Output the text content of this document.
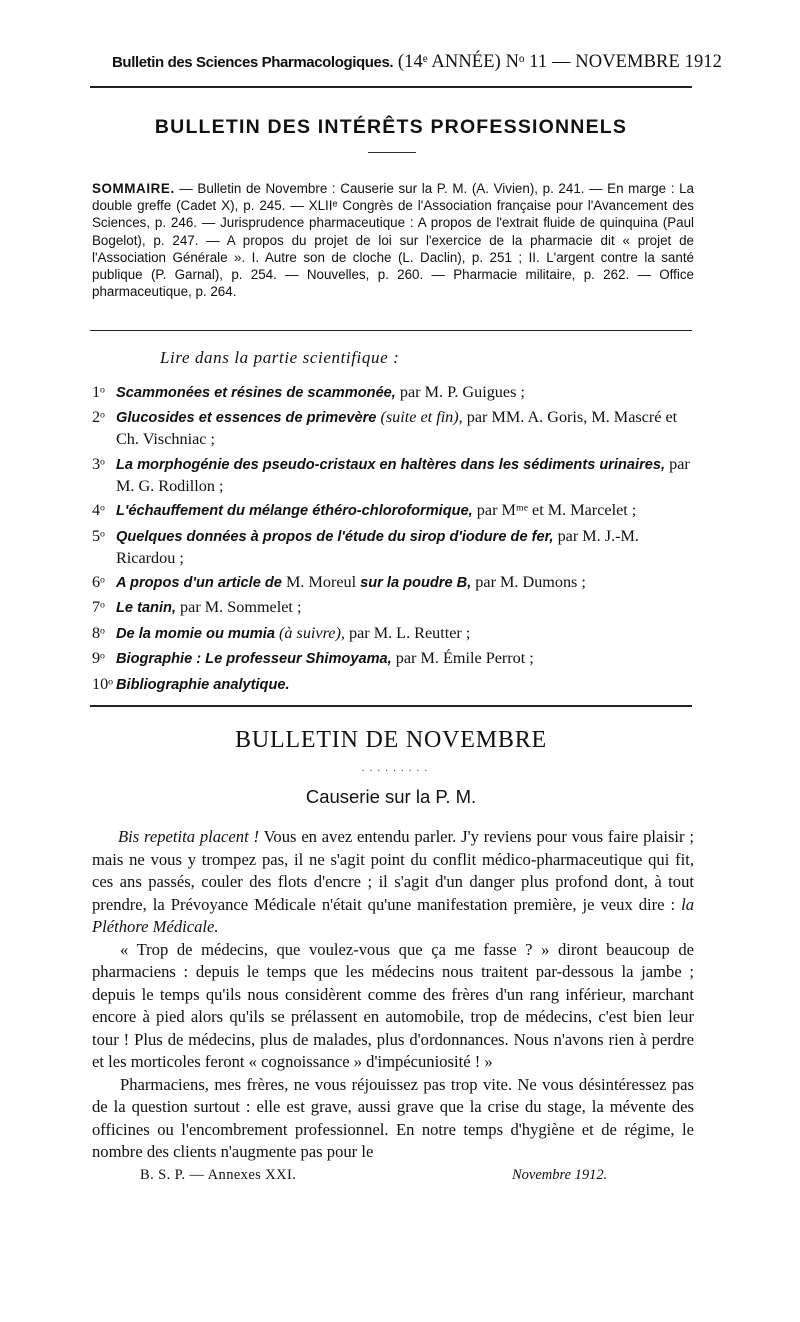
Bulletin des Sciences Pharmacologiques. (14ᵉ ANNÉE) Nᵒ 11 — NOVEMBRE 1912
BULLETIN DES INTÉRÊTS PROFESSIONNELS
SOMMAIRE. — Bulletin de Novembre : Causerie sur la P. M. (A. Vivien), p. 241. — En marge : La double greffe (Cadet X), p. 245. — XLIIᵉ Congrès de l'Association française pour l'Avancement des Sciences, p. 246. — Jurisprudence pharmaceutique : A propos de l'extrait fluide de quinquina (Paul Bogelot), p. 247. — A propos du projet de loi sur l'exercice de la pharmacie dit « projet de l'Association Générale ». I. Autre son de cloche (L. Daclin), p. 251 ; II. L'argent contre la santé publique (P. Garnal), p. 254. — Nouvelles, p. 260. — Pharmacie militaire, p. 262. — Office pharmaceutique, p. 264.
Lire dans la partie scientifique :
1ᵒ Scammonées et résines de scammonée, par M. P. Guigues ;
2ᵒ Glucosides et essences de primevère (suite et fin), par MM. A. Goris, M. Mascré et Ch. Vischniac ;
3ᵒ La morphogénie des pseudo-cristaux en haltères dans les sédiments urinaires, par M. G. Rodillon ;
4ᵒ L'échauffement du mélange éthéro-chloroformique, par Mᵐᵉ et M. Marcelet ;
5ᵒ Quelques données à propos de l'étude du sirop d'iodure de fer, par M. J.-M. Ricardou ;
6ᵒ A propos d'un article de M. Moreul sur la poudre B, par M. Dumons ;
7ᵒ Le tanin, par M. Sommelet ;
8ᵒ De la momie ou mumia (à suivre), par M. L. Reutter ;
9ᵒ Biographie : Le professeur Shimoyama, par M. Émile Perrot ;
10ᵒ Bibliographie analytique.
BULLETIN DE NOVEMBRE
· · · · · · · · ·
Causerie sur la P. M.

Bis repetita placent ! Vous en avez entendu parler. J'y reviens pour vous faire plaisir ; mais ne vous y trompez pas, il ne s'agit point du conflit médico-pharmaceutique qui fit, ces ans passés, couler des flots d'encre ; il s'agit d'un danger plus profond dont, à tout prendre, la Prévoyance Médicale n'était qu'une manifestation première, je veux dire : la Pléthore Médicale.

« Trop de médecins, que voulez-vous que ça me fasse ? » diront beaucoup de pharmaciens : depuis le temps que les médecins nous traitent par-dessous la jambe ; depuis le temps qu'ils nous considèrent comme des frères d'un rang inférieur, marchant encore à pied alors qu'ils se prélassent en automobile, trop de médecins, c'est bien leur tour ! Plus de médecins, plus de malades, plus d'ordonnances. Nous n'avons rien à perdre et les morticoles feront « cognoissance » d'impécuniosité ! »

Pharmaciens, mes frères, ne vous réjouissez pas trop vite. Ne vous désintéressez pas de la question surtout : elle est grave, aussi grave que la crise du stage, la mévente des officines ou l'encombrement professionnel. En notre temps d'hygiène et de régime, le nombre des clients n'augmente pas pour le

B. S. P. — Annexes XXI.	Novembre 1912.
